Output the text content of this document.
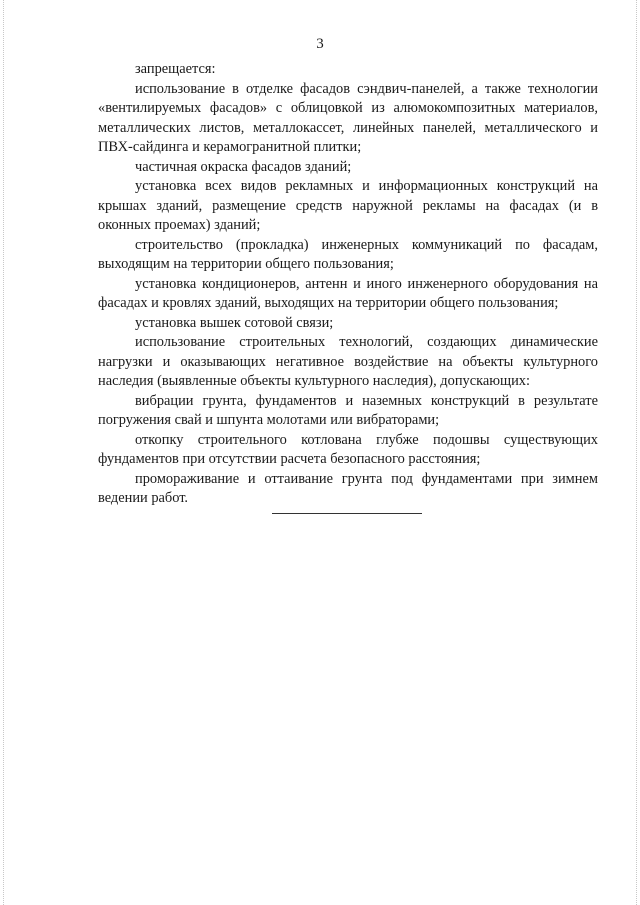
3

запрещается:

использование в отделке фасадов сэндвич-панелей, а также технологии «вентилируемых фасадов» с облицовкой из алюмокомпозитных материалов, металлических листов, металлокассет, линейных панелей, металлического и ПВХ-сайдинга и керамогранитной плитки;

частичная окраска фасадов зданий;

установка всех видов рекламных и информационных конструкций на крышах зданий, размещение средств наружной рекламы на фасадах (и в оконных проемах) зданий;

строительство (прокладка) инженерных коммуникаций по фасадам, выходящим на территории общего пользования;

установка кондиционеров, антенн и иного инженерного оборудования на фасадах и кровлях зданий, выходящих на территории общего пользования;

установка вышек сотовой связи;

использование строительных технологий, создающих динамические нагрузки и оказывающих негативное воздействие на объекты культурного наследия (выявленные объекты культурного наследия), допускающих:

вибрации грунта, фундаментов и наземных конструкций в результате погружения свай и шпунта молотами или вибраторами;

откопку строительного котлована глубже подошвы существующих фундаментов при отсутствии расчета безопасного расстояния;

промораживание и оттаивание грунта под фундаментами при зимнем ведении работ.
